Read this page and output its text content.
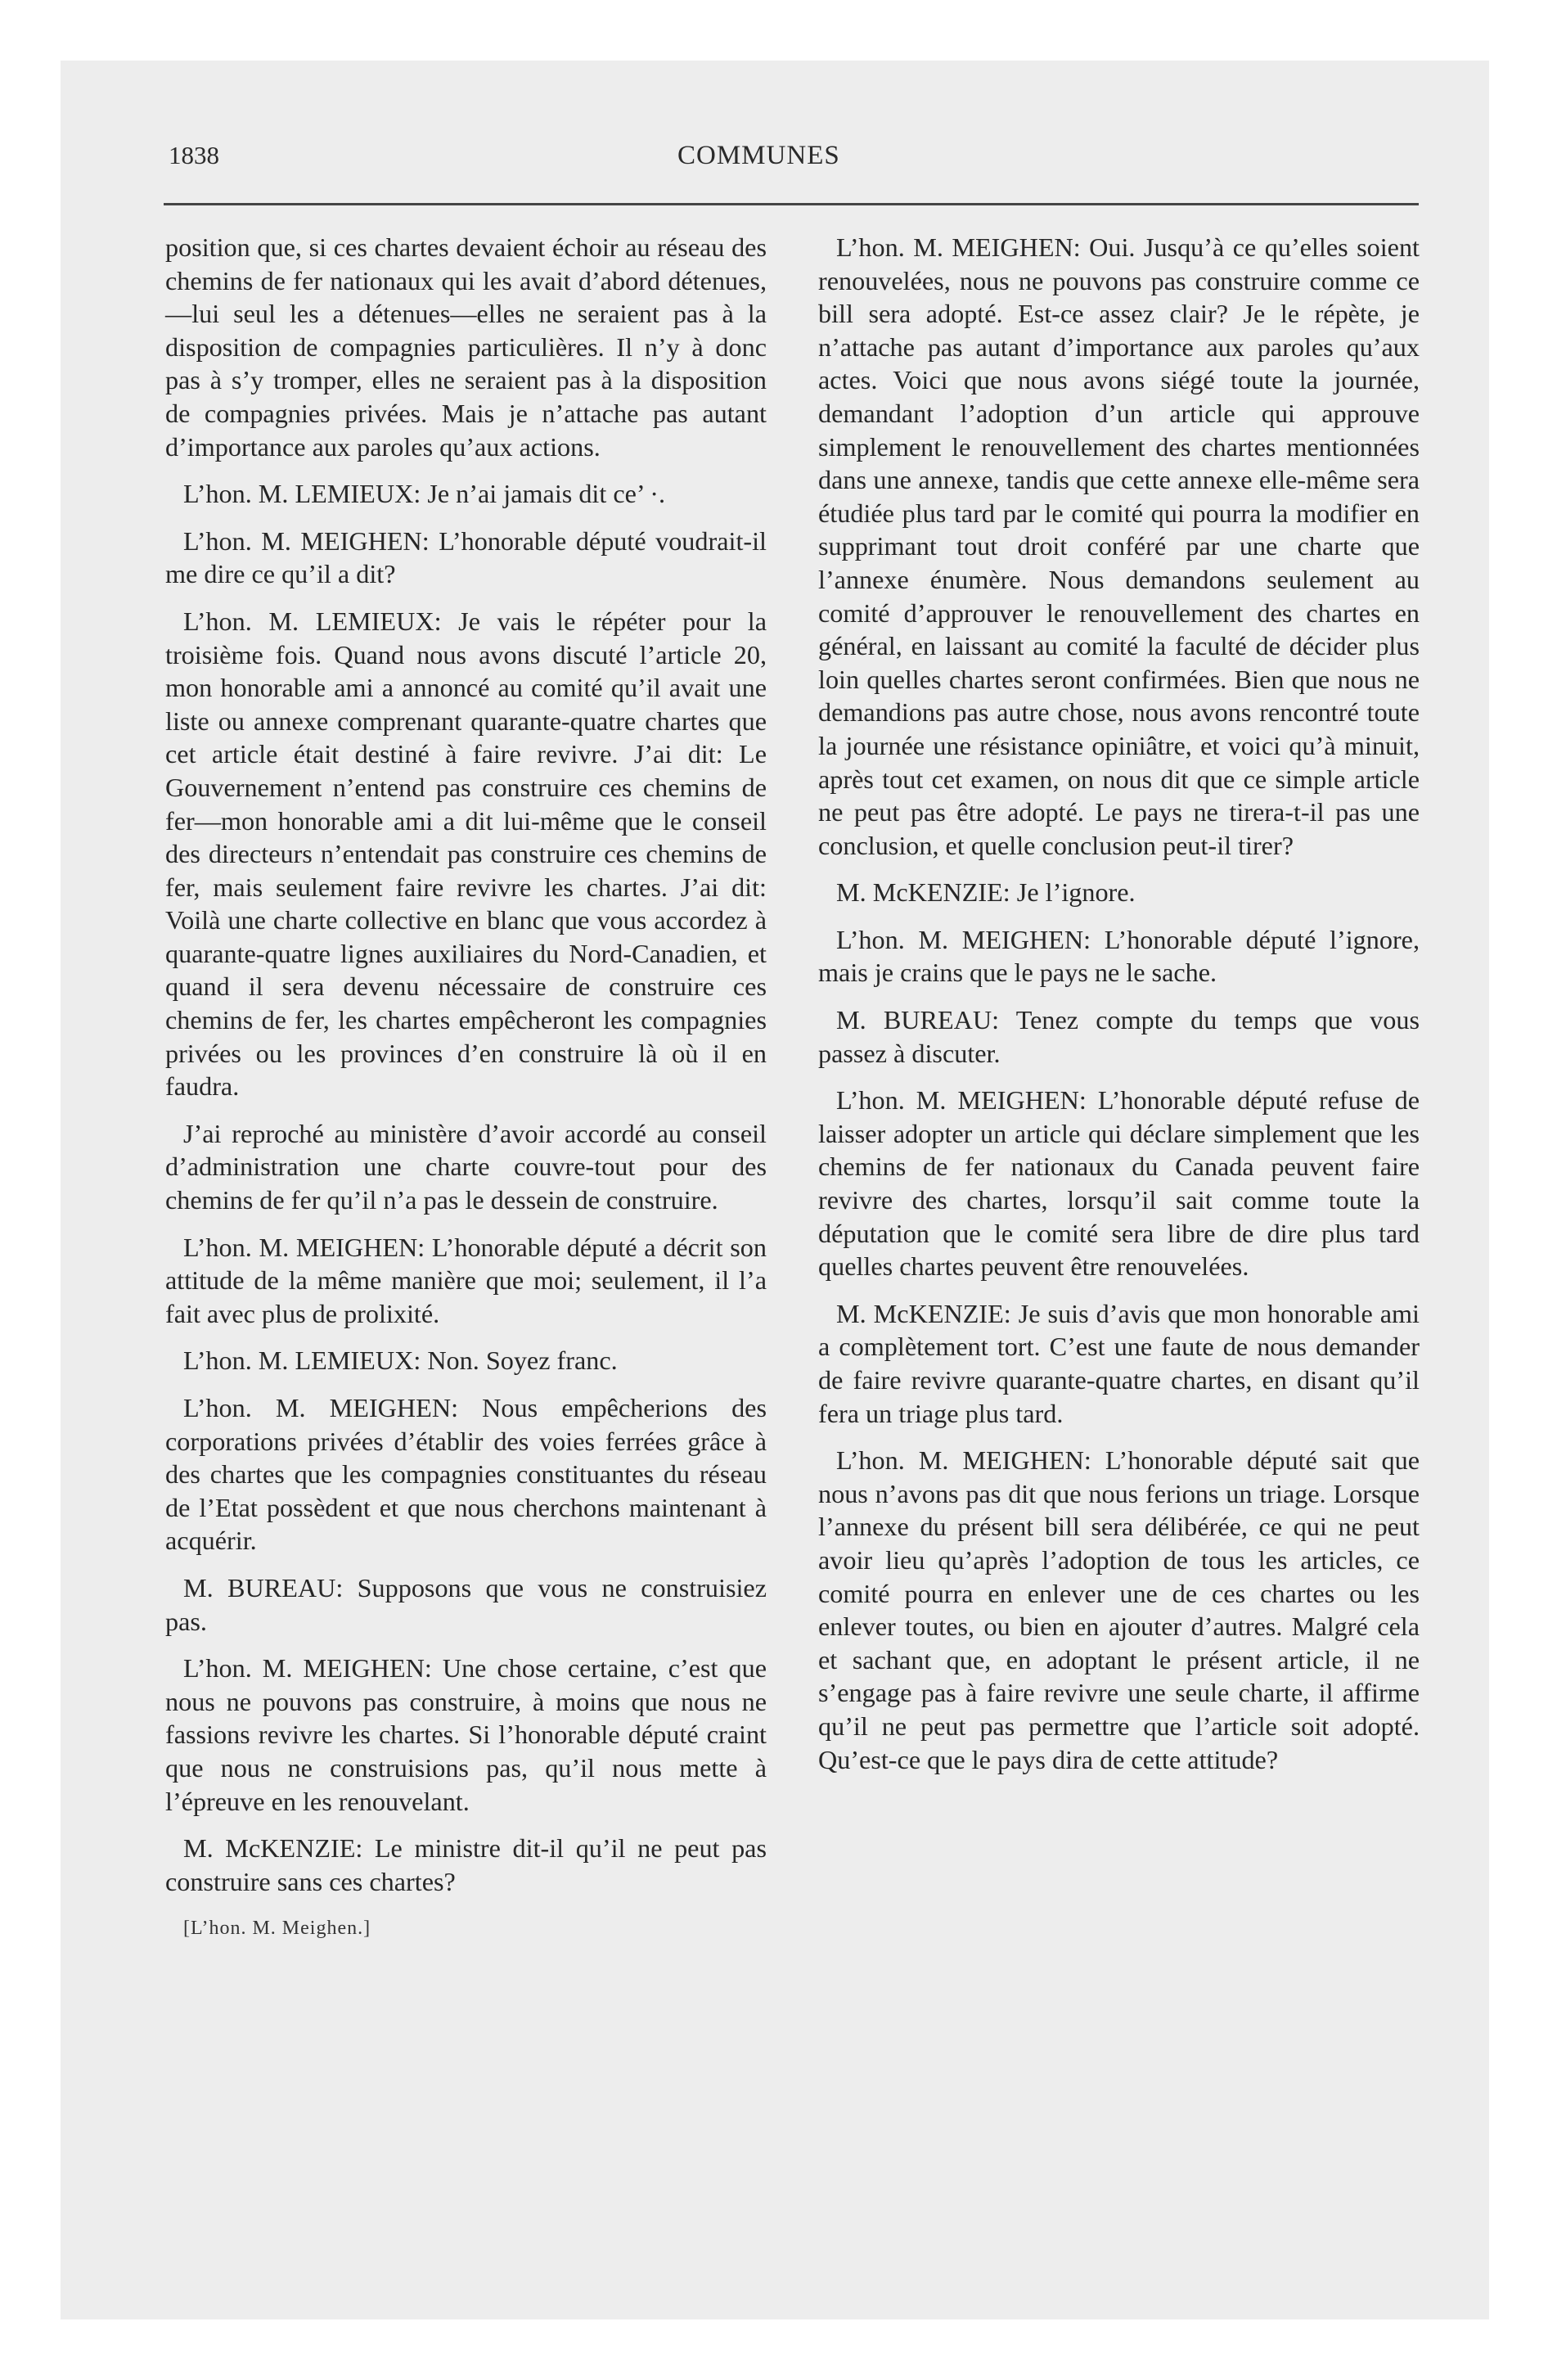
1838	COMMUNES

position que, si ces chartes devaient échoir au réseau des chemins de fer nationaux qui les avait d’abord détenues,—lui seul les a détenues—elles ne seraient pas à la disposition de compagnies particulières. Il n’y à donc pas à s’y tromper, elles ne seraient pas à la disposition de compagnies privées. Mais je n’attache pas autant d’importance aux paroles qu’aux actions.

L’hon. M. LEMIEUX: Je n’ai jamais dit ce’ ·.

L’hon. M. MEIGHEN: L’honorable député voudrait-il me dire ce qu’il a dit?

L’hon. M. LEMIEUX: Je vais le répéter pour la troisième fois. Quand nous avons discuté l’article 20, mon honorable ami a annoncé au comité qu’il avait une liste ou annexe comprenant quarante-quatre chartes que cet article était destiné à faire revivre. J’ai dit: Le Gouvernement n’entend pas construire ces chemins de fer—mon honorable ami a dit lui-même que le conseil des directeurs n’entendait pas construire ces chemins de fer, mais seulement faire revivre les chartes. J’ai dit: Voilà une charte collective en blanc que vous accordez à quarante-quatre lignes auxiliaires du Nord-Canadien, et quand il sera devenu nécessaire de construire ces chemins de fer, les chartes empêcheront les compagnies privées ou les provinces d’en construire là où il en faudra.

J’ai reproché au ministère d’avoir accordé au conseil d’administration une charte couvre-tout pour des chemins de fer qu’il n’a pas le dessein de construire.

L’hon. M. MEIGHEN: L’honorable député a décrit son attitude de la même manière que moi; seulement, il l’a fait avec plus de prolixité.

L’hon. M. LEMIEUX: Non. Soyez franc.

L’hon. M. MEIGHEN: Nous empêcherions des corporations privées d’établir des voies ferrées grâce à des chartes que les compagnies constituantes du réseau de l’Etat possèdent et que nous cherchons maintenant à acquérir.

M. BUREAU: Supposons que vous ne construisiez pas.

L’hon. M. MEIGHEN: Une chose certaine, c’est que nous ne pouvons pas construire, à moins que nous ne fassions revivre les chartes. Si l’honorable député craint que nous ne construisions pas, qu’il nous mette à l’épreuve en les renouvelant.

M. McKENZIE: Le ministre dit-il qu’il ne peut pas construire sans ces chartes?

[L’hon. M. Meighen.]

L’hon. M. MEIGHEN: Oui. Jusqu’à ce qu’elles soient renouvelées, nous ne pouvons pas construire comme ce bill sera adopté. Est-ce assez clair? Je le répète, je n’attache pas autant d’importance aux paroles qu’aux actes. Voici que nous avons siégé toute la journée, demandant l’adoption d’un article qui approuve simplement le renouvellement des chartes mentionnées dans une annexe, tandis que cette annexe elle-même sera étudiée plus tard par le comité qui pourra la modifier en supprimant tout droit conféré par une charte que l’annexe énumère. Nous demandons seulement au comité d’approuver le renouvellement des chartes en général, en laissant au comité la faculté de décider plus loin quelles chartes seront confirmées. Bien que nous ne demandions pas autre chose, nous avons rencontré toute la journée une résistance opiniâtre, et voici qu’à minuit, après tout cet examen, on nous dit que ce simple article ne peut pas être adopté. Le pays ne tirera-t-il pas une conclusion, et quelle conclusion peut-il tirer?

M. McKENZIE: Je l’ignore.

L’hon. M. MEIGHEN: L’honorable député l’ignore, mais je crains que le pays ne le sache.

M. BUREAU: Tenez compte du temps que vous passez à discuter.

L’hon. M. MEIGHEN: L’honorable député refuse de laisser adopter un article qui déclare simplement que les chemins de fer nationaux du Canada peuvent faire revivre des chartes, lorsqu’il sait comme toute la députation que le comité sera libre de dire plus tard quelles chartes peuvent être renouvelées.

M. McKENZIE: Je suis d’avis que mon honorable ami a complètement tort. C’est une faute de nous demander de faire revivre quarante-quatre chartes, en disant qu’il fera un triage plus tard.

L’hon. M. MEIGHEN: L’honorable député sait que nous n’avons pas dit que nous ferions un triage. Lorsque l’annexe du présent bill sera délibérée, ce qui ne peut avoir lieu qu’après l’adoption de tous les articles, ce comité pourra en enlever une de ces chartes ou les enlever toutes, ou bien en ajouter d’autres. Malgré cela et sachant que, en adoptant le présent article, il ne s’engage pas à faire revivre une seule charte, il affirme qu’il ne peut pas permettre que l’article soit adopté. Qu’est-ce que le pays dira de cette attitude?
